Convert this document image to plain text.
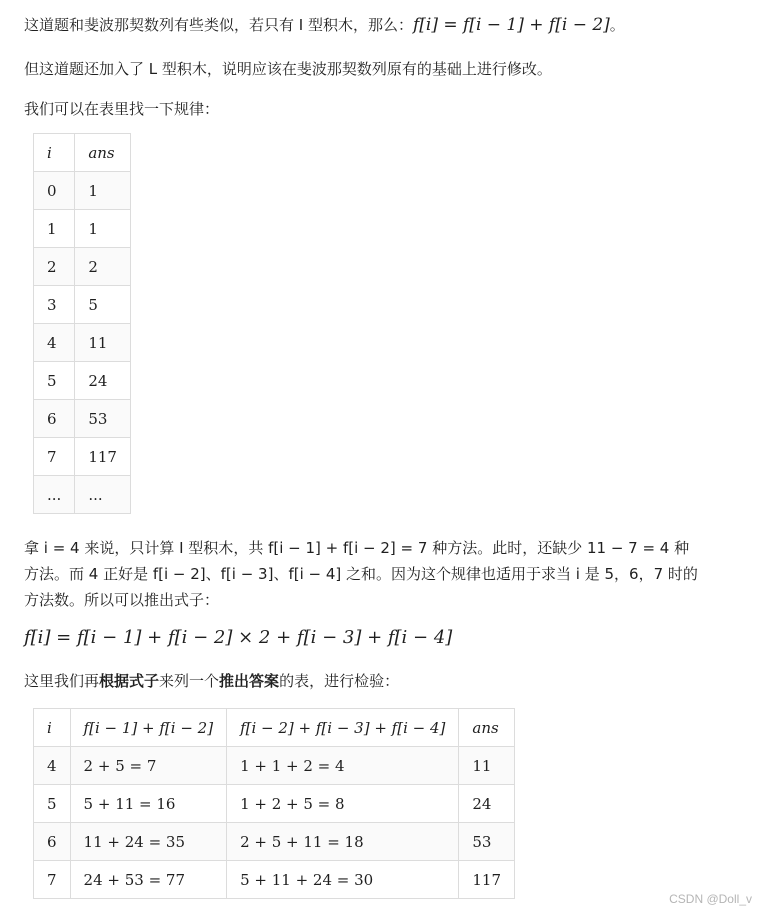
这道题和斐波那契数列有些类似，若只有 I 型积木，那么：f[i] = f[i − 1] + f[i − 2]。
但这道题还加入了 L 型积木，说明应该在斐波那契数列原有的基础上进行修改。
我们可以在表里找一下规律：
i	ans
0	1
1	1
2	2
3	5
4	11
5	24
6	53
7	117
...	...
拿 i = 4 来说，只计算 I 型积木，共 f[i − 1] + f[i − 2] = 7 种方法。此时，还缺少 11 − 7 = 4 种
方法。而 4 正好是 f[i − 2]、f[i − 3]、f[i − 4] 之和。因为这个规律也适用于求当 i 是 5，6，7 时的
方法数。所以可以推出式子：
f[i] = f[i − 1] + f[i − 2] × 2 + f[i − 3] + f[i − 4]
这里我们再根据式子来列一个推出答案的表，进行检验：
i	f[i − 1] + f[i − 2]	f[i − 2] + f[i − 3] + f[i − 4]	ans
4	2 + 5 = 7	1 + 1 + 2 = 4	11
5	5 + 11 = 16	1 + 2 + 5 = 8	24
6	11 + 24 = 35	2 + 5 + 11 = 18	53
7	24 + 53 = 77	5 + 11 + 24 = 30	117
CSDN @Doll_v
